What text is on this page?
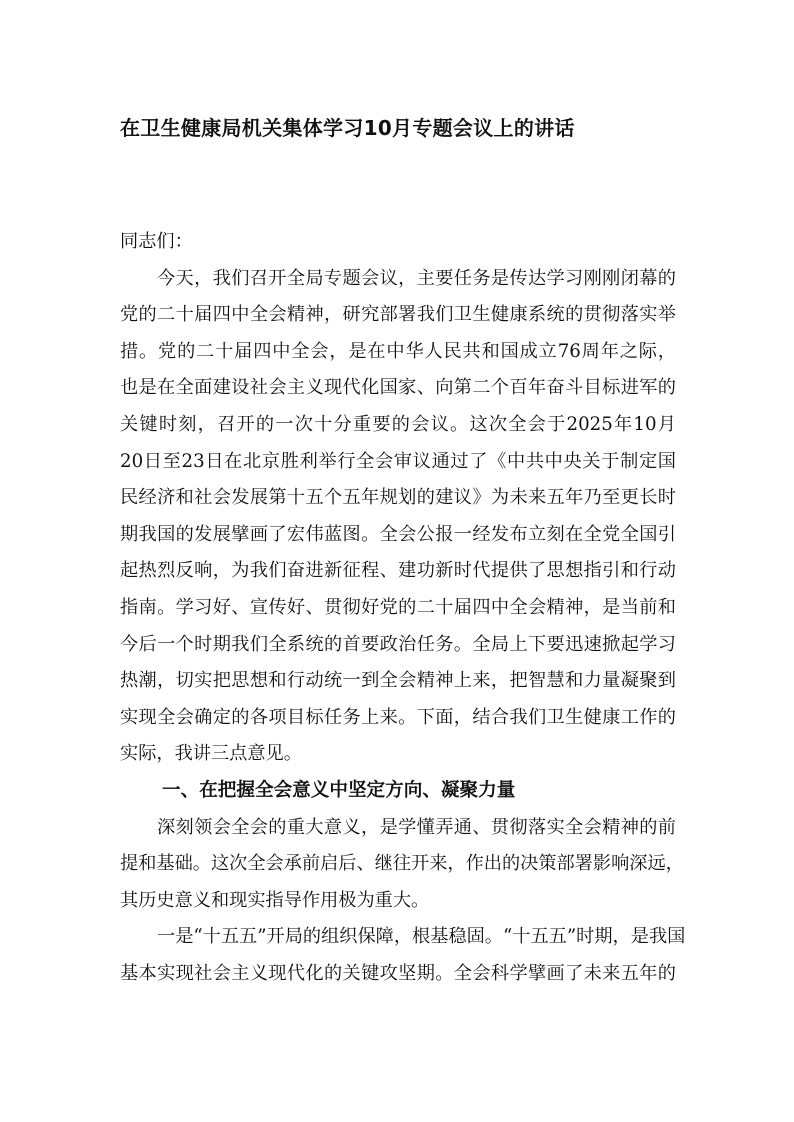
在卫生健康局机关集体学习10月专题会议上的讲话
同志们：
今天，我们召开全局专题会议，主要任务是传达学习刚刚闭幕的
党的二十届四中全会精神，研究部署我们卫生健康系统的贯彻落实举
措。党的二十届四中全会，是在中华人民共和国成立76周年之际，
也是在全面建设社会主义现代化国家、向第二个百年奋斗目标进军的
关键时刻，召开的一次十分重要的会议。这次全会于2025年10月
20日至23日在北京胜利举行全会审议通过了《中共中央关于制定国
民经济和社会发展第十五个五年规划的建议》为未来五年乃至更长时
期我国的发展擘画了宏伟蓝图。全会公报一经发布立刻在全党全国引
起热烈反响，为我们奋进新征程、建功新时代提供了思想指引和行动
指南。学习好、宣传好、贯彻好党的二十届四中全会精神，是当前和
今后一个时期我们全系统的首要政治任务。全局上下要迅速掀起学习
热潮，切实把思想和行动统一到全会精神上来，把智慧和力量凝聚到
实现全会确定的各项目标任务上来。下面，结合我们卫生健康工作的
实际，我讲三点意见。
一、在把握全会意义中坚定方向、凝聚力量
深刻领会全会的重大意义，是学懂弄通、贯彻落实全会精神的前
提和基础。这次全会承前启后、继往开来，作出的决策部署影响深远，
其历史意义和现实指导作用极为重大。
一是“十五五”开局的组织保障，根基稳固。“十五五”时期，是我国
基本实现社会主义现代化的关键攻坚期。全会科学擘画了未来五年的
